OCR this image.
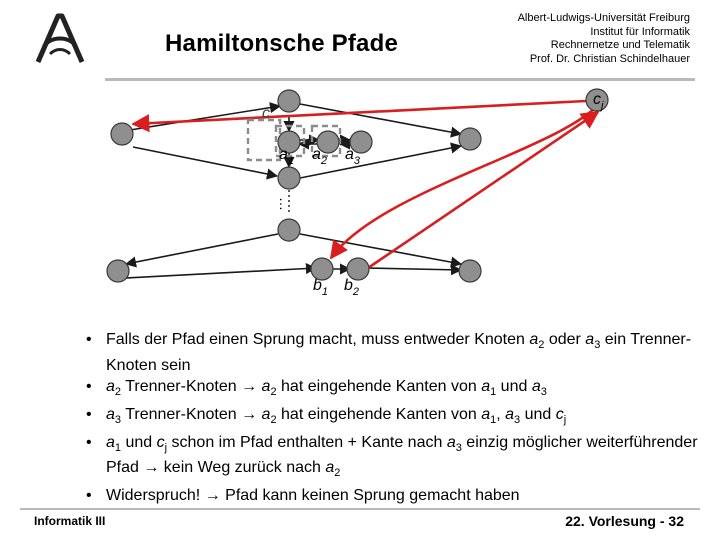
Hamiltonsche Pfade
Albert-Ludwigs-Universität Freiburg
Institut für Informatik
Rechnernetze und Telematik
Prof. Dr. Christian Schindelhauer
c
$c_j$
$a_1$ $a_2$ $a_3$
$b_1$ $b_2$
…
• Falls der Pfad einen Sprung macht, muss entweder Knoten $a_2$ oder $a_3$ ein Trenner-Knoten sein
• $a_2$ Trenner-Knoten → $a_2$ hat eingehende Kanten von $a_1$ und $a_3$
• $a_3$ Trenner-Knoten → $a_2$ hat eingehende Kanten von $a_1$, $a_3$ und $c_j$
• $a_1$ und $c_j$ schon im Pfad enthalten + Kante nach $a_3$ einzig möglicher weiterführender Pfad → kein Weg zurück nach $a_2$
• Widerspruch! → Pfad kann keinen Sprung gemacht haben
Informatik III	22. Vorlesung - 32
